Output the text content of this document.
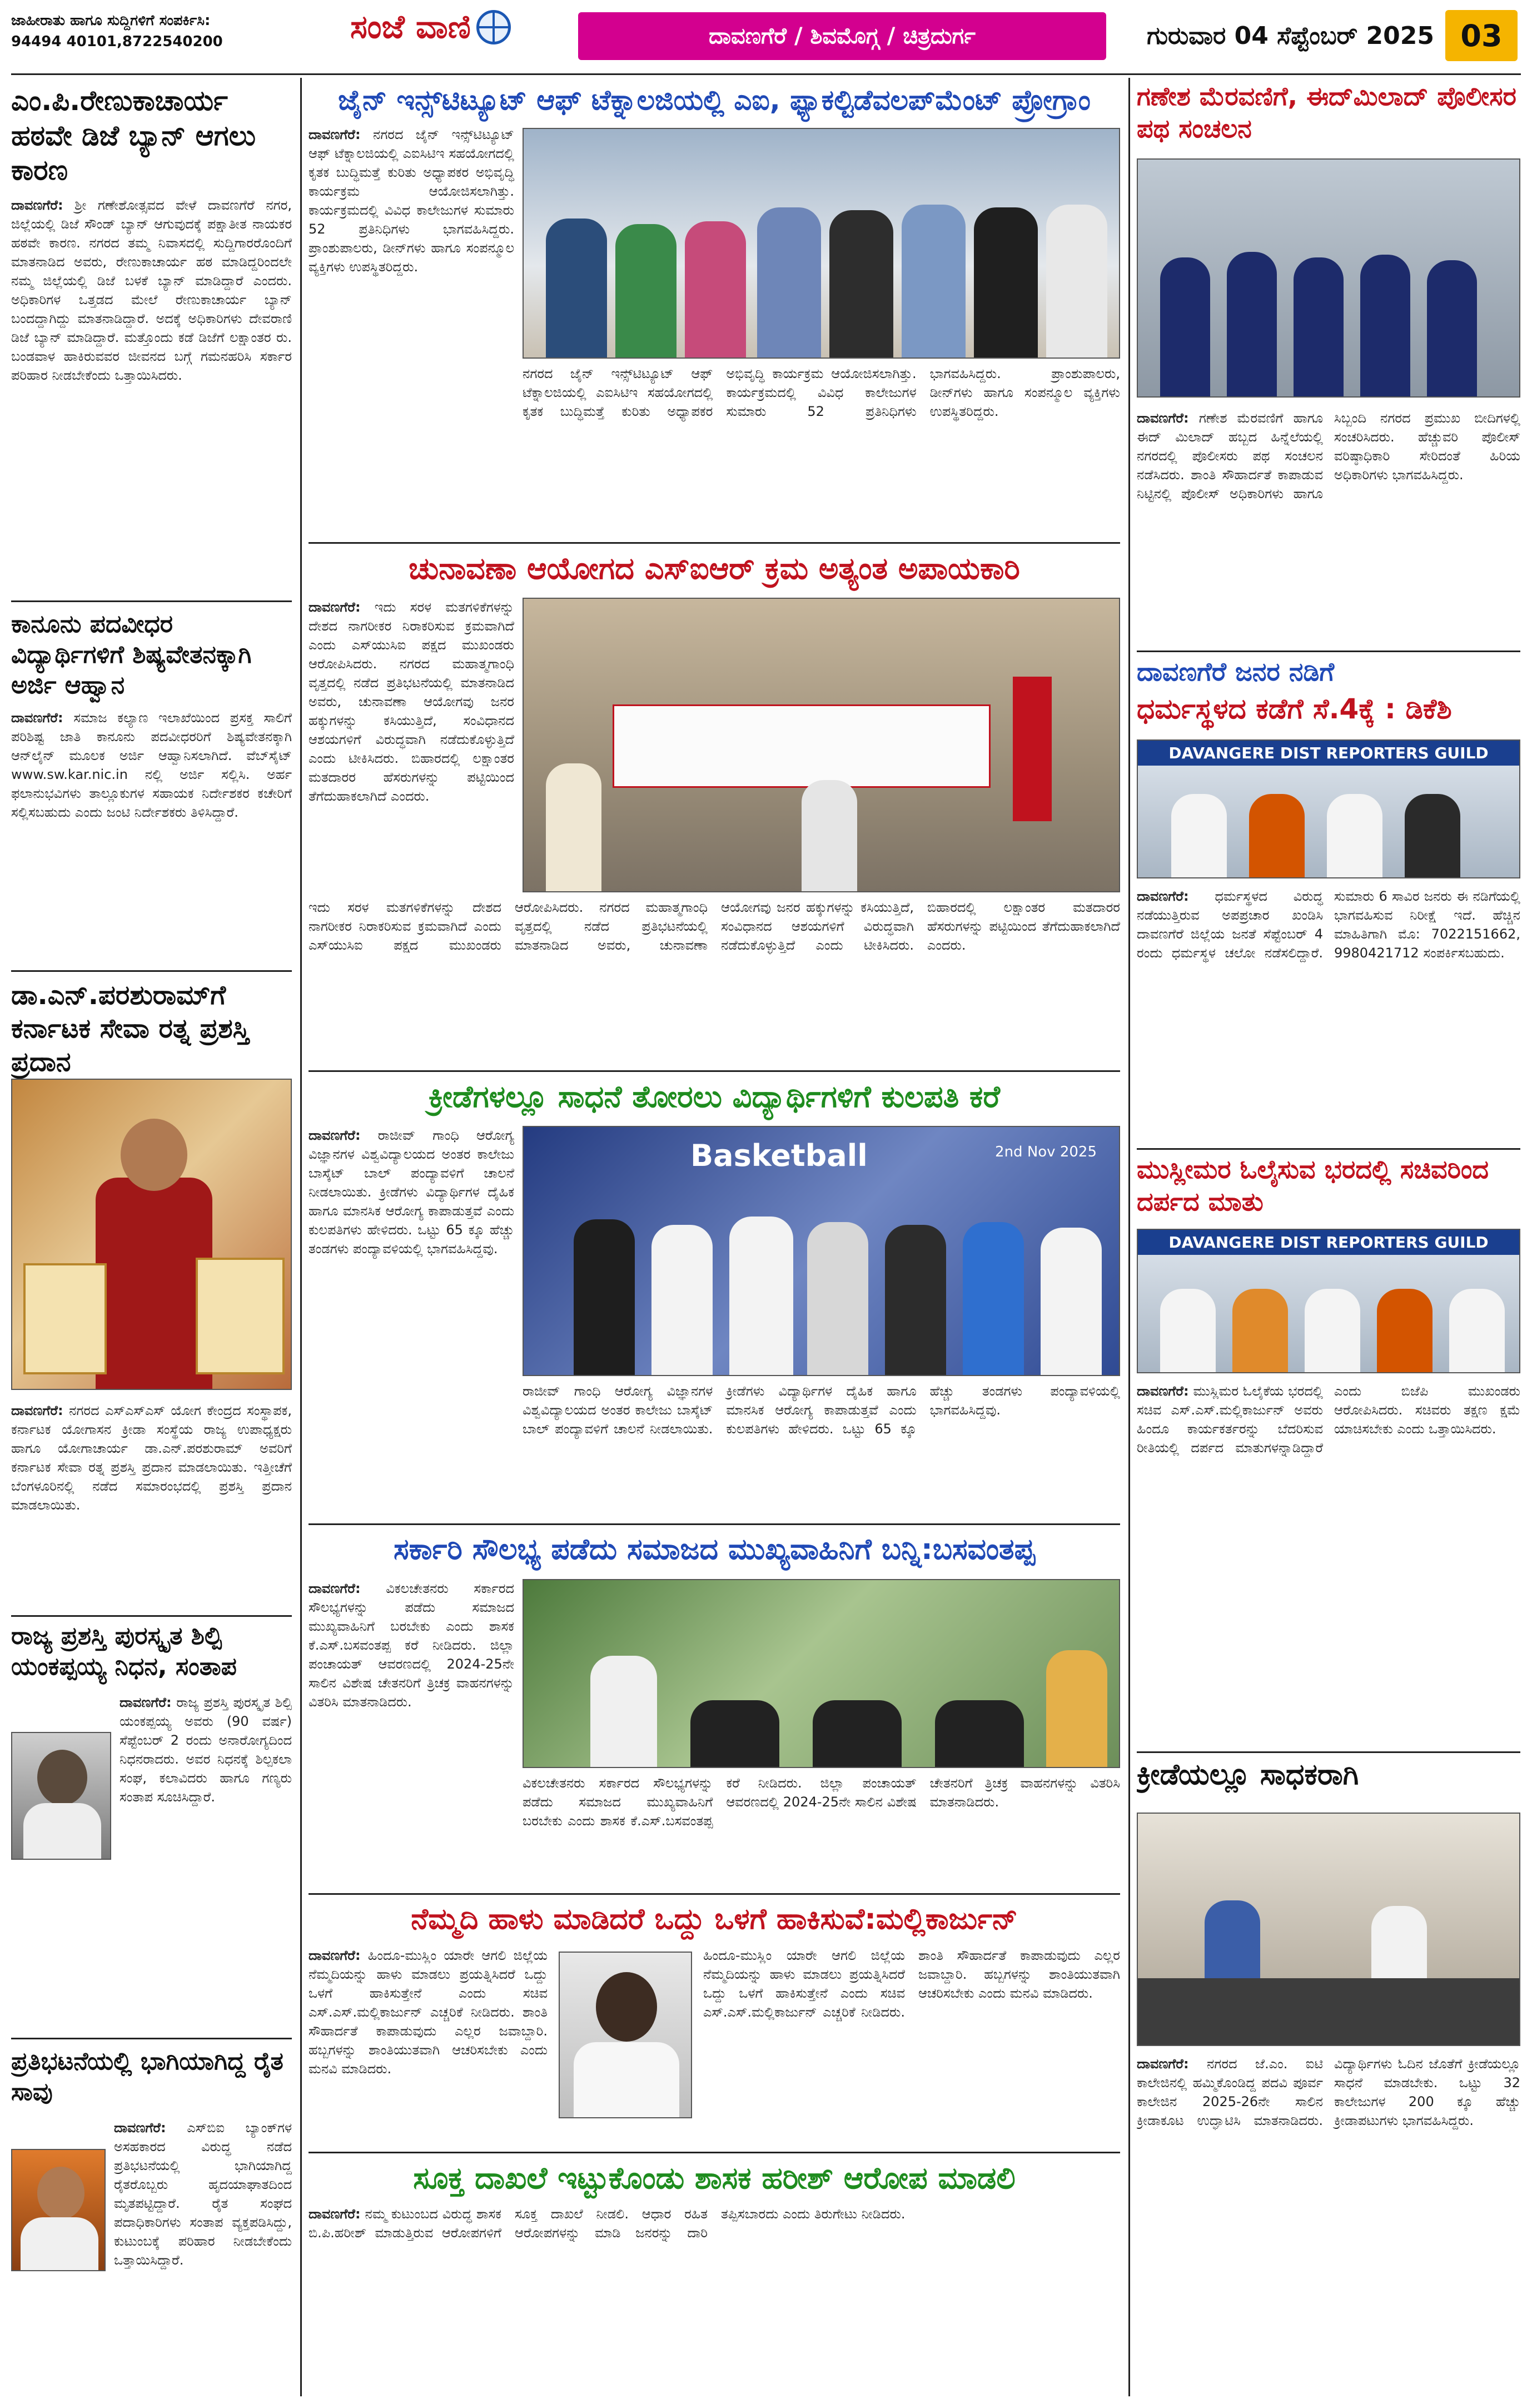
ಜಾಹೀರಾತು ಹಾಗೂ ಸುದ್ದಿಗಳಿಗೆ ಸಂಪರ್ಕಿಸಿ:
94494 40101,8722540200	ಸಂಜೆ ವಾಣಿ	ದಾವಣಗೆರೆ / ಶಿವಮೊಗ್ಗ / ಚಿತ್ರದುರ್ಗ	ಗುರುವಾರ 04 ಸೆಪ್ಟೆಂಬರ್ 2025 03
ಎಂ.ಪಿ.ರೇಣುಕಾಚಾರ್ಯ ಹಠವೇ ಡಿಜೆ ಬ್ಯಾನ್ ಆಗಲು ಕಾರಣ
ದಾವಣಗೆರೆ: ಶ್ರೀ ಗಣೇಶೋತ್ಸವದ ವೇಳೆ ದಾವಣಗೆರೆ ನಗರ, ಜಿಲ್ಲೆಯಲ್ಲಿ ಡಿಜೆ ಸೌಂಡ್ ಬ್ಯಾನ್ ಆಗುವುದಕ್ಕೆ ಪಕ್ಷಾತೀತ ನಾಯಕರ ಹಠವೇ ಕಾರಣ. ನಗರದ ತಮ್ಮ ನಿವಾಸದಲ್ಲಿ ಸುದ್ದಿಗಾರರೊಂದಿಗೆ ಮಾತನಾಡಿದ ಅವರು, ರೇಣುಕಾಚಾರ್ಯ ಹಠ ಮಾಡಿದ್ದರಿಂದಲೇ ನಮ್ಮ ಜಿಲ್ಲೆಯಲ್ಲಿ ಡಿಜೆ ಬಳಕೆ ಬ್ಯಾನ್ ಮಾಡಿದ್ದಾರೆ ಎಂದರು. ಅಧಿಕಾರಿಗಳ ಒತ್ತಡದ ಮೇಲೆ ರೇಣುಕಾಚಾರ್ಯ ಬ್ಯಾನ್ ಬಂದದ್ದಾಗಿದ್ದು ಮಾತನಾಡಿದ್ದಾರೆ. ಅದಕ್ಕೆ ಅಧಿಕಾರಿಗಳು ದೇವರಾಣಿ ಡಿಜೆ ಬ್ಯಾನ್ ಮಾಡಿದ್ದಾರೆ. ಮತ್ತೊಂದು ಕಡೆ ಡಿಜೆಗೆ ಲಕ್ಷಾಂತರ ರು. ಬಂಡವಾಳ ಹಾಕಿರುವವರ ಜೀವನದ ಬಗ್ಗೆ ಗಮನಹರಿಸಿ ಸರ್ಕಾರ ಪರಿಹಾರ ನೀಡಬೇಕೆಂದು ಒತ್ತಾಯಿಸಿದರು.
ಕಾನೂನು ಪದವೀಧರ ವಿದ್ಯಾರ್ಥಿಗಳಿಗೆ ಶಿಷ್ಯವೇತನಕ್ಕಾಗಿ ಅರ್ಜಿ ಆಹ್ವಾನ
ದಾವಣಗೆರೆ: ಸಮಾಜ ಕಲ್ಯಾಣ ಇಲಾಖೆಯಿಂದ ಪ್ರಸಕ್ತ ಸಾಲಿಗೆ ಪರಿಶಿಷ್ಟ ಜಾತಿ ಕಾನೂನು ಪದವೀಧರರಿಗೆ ಶಿಷ್ಯವೇತನಕ್ಕಾಗಿ ಆನ್‌ಲೈನ್ ಮೂಲಕ ಅರ್ಜಿ ಆಹ್ವಾನಿಸಲಾಗಿದೆ. ವೆಬ್‌ಸೈಟ್ www.sw.kar.nic.in ನಲ್ಲಿ ಅರ್ಜಿ ಸಲ್ಲಿಸಿ. ಅರ್ಹ ಫಲಾನುಭವಿಗಳು ತಾಲ್ಲೂಕುಗಳ ಸಹಾಯಕ ನಿರ್ದೇಶಕರ ಕಚೇರಿಗೆ ಸಲ್ಲಿಸಬಹುದು ಎಂದು ಜಂಟಿ ನಿರ್ದೇಶಕರು ತಿಳಿಸಿದ್ದಾರೆ.
ಡಾ.ಎನ್.ಪರಶುರಾಮ್‌ಗೆ ಕರ್ನಾಟಕ ಸೇವಾ ರತ್ನ ಪ್ರಶಸ್ತಿ ಪ್ರದಾನ
ದಾವಣಗೆರೆ: ನಗರದ ಎಸ್‌ಎಸ್‌ಎಸ್ ಯೋಗ ಕೇಂದ್ರದ ಸಂಸ್ಥಾಪಕ, ಕರ್ನಾಟಕ ಯೋಗಾಸನ ಕ್ರೀಡಾ ಸಂಸ್ಥೆಯ ರಾಜ್ಯ ಉಪಾಧ್ಯಕ್ಷರು ಹಾಗೂ ಯೋಗಾಚಾರ್ಯ ಡಾ.ಎನ್.ಪರಶುರಾಮ್ ಅವರಿಗೆ ಕರ್ನಾಟಕ ಸೇವಾ ರತ್ನ ಪ್ರಶಸ್ತಿ ಪ್ರದಾನ ಮಾಡಲಾಯಿತು. ಇತ್ತೀಚೆಗೆ ಬೆಂಗಳೂರಿನಲ್ಲಿ ನಡೆದ ಸಮಾರಂಭದಲ್ಲಿ ಪ್ರಶಸ್ತಿ ಪ್ರದಾನ ಮಾಡಲಾಯಿತು.
ರಾಜ್ಯ ಪ್ರಶಸ್ತಿ ಪುರಸ್ಕೃತ ಶಿಲ್ಪಿ ಯಂಕಪ್ಪಯ್ಯ ನಿಧನ, ಸಂತಾಪ
ದಾವಣಗೆರೆ: ರಾಜ್ಯ ಪ್ರಶಸ್ತಿ ಪುರಸ್ಕೃತ ಶಿಲ್ಪಿ ಯಂಕಪ್ಪಯ್ಯ ಅವರು (90 ವರ್ಷ) ಸೆಪ್ಟೆಂಬರ್ 2 ರಂದು ಅನಾರೋಗ್ಯದಿಂದ ನಿಧನರಾದರು. ಅವರ ನಿಧನಕ್ಕೆ ಶಿಲ್ಪಕಲಾ ಸಂಘ, ಕಲಾವಿದರು ಹಾಗೂ ಗಣ್ಯರು ಸಂತಾಪ ಸೂಚಿಸಿದ್ದಾರೆ.
ಪ್ರತಿಭಟನೆಯಲ್ಲಿ ಭಾಗಿಯಾಗಿದ್ದ ರೈತ ಸಾವು
ದಾವಣಗೆರೆ: ಎಸ್‌ಬಿಐ ಬ್ಯಾಂಕ್‌ಗಳ ಅಸಹಕಾರದ ವಿರುದ್ಧ ನಡೆದ ಪ್ರತಿಭಟನೆಯಲ್ಲಿ ಭಾಗಿಯಾಗಿದ್ದ ರೈತರೊಬ್ಬರು ಹೃದಯಾಘಾತದಿಂದ ಮೃತಪಟ್ಟಿದ್ದಾರೆ. ರೈತ ಸಂಘದ ಪದಾಧಿಕಾರಿಗಳು ಸಂತಾಪ ವ್ಯಕ್ತಪಡಿಸಿದ್ದು, ಕುಟುಂಬಕ್ಕೆ ಪರಿಹಾರ ನೀಡಬೇಕೆಂದು ಒತ್ತಾಯಿಸಿದ್ದಾರೆ.
ಜೈನ್ ಇನ್ಸ್‌ಟಿಟ್ಯೂಟ್ ಆಫ್ ಟೆಕ್ನಾಲಜಿಯಲ್ಲಿ ಎಐ, ಫ್ಯಾಕಲ್ಟಿಡೆವಲಪ್‌ಮೆಂಟ್ ಪ್ರೋಗ್ರಾಂ
ದಾವಣಗೆರೆ: ನಗರದ ಜೈನ್ ಇನ್ಸ್‌ಟಿಟ್ಯೂಟ್ ಆಫ್ ಟೆಕ್ನಾಲಜಿಯಲ್ಲಿ ಎಐಸಿಟಿಇ ಸಹಯೋಗದಲ್ಲಿ ಕೃತಕ ಬುದ್ಧಿಮತ್ತೆ ಕುರಿತು ಅಧ್ಯಾಪಕರ ಅಭಿವೃದ್ಧಿ ಕಾರ್ಯಕ್ರಮ ಆಯೋಜಿಸಲಾಗಿತ್ತು. ಕಾರ್ಯಕ್ರಮದಲ್ಲಿ ವಿವಿಧ ಕಾಲೇಜುಗಳ ಸುಮಾರು 52 ಪ್ರತಿನಿಧಿಗಳು ಭಾಗವಹಿಸಿದ್ದರು. ಪ್ರಾಂಶುಪಾಲರು, ಡೀನ್‌ಗಳು ಹಾಗೂ ಸಂಪನ್ಮೂಲ ವ್ಯಕ್ತಿಗಳು ಉಪಸ್ಥಿತರಿದ್ದರು.
ನಗರದ ಜೈನ್ ಇನ್ಸ್‌ಟಿಟ್ಯೂಟ್ ಆಫ್ ಟೆಕ್ನಾಲಜಿಯಲ್ಲಿ ಎಐಸಿಟಿಇ ಸಹಯೋಗದಲ್ಲಿ ಕೃತಕ ಬುದ್ಧಿಮತ್ತೆ ಕುರಿತು ಅಧ್ಯಾಪಕರ ಅಭಿವೃದ್ಧಿ ಕಾರ್ಯಕ್ರಮ ಆಯೋಜಿಸಲಾಗಿತ್ತು. ಕಾರ್ಯಕ್ರಮದಲ್ಲಿ ವಿವಿಧ ಕಾಲೇಜುಗಳ ಸುಮಾರು 52 ಪ್ರತಿನಿಧಿಗಳು ಭಾಗವಹಿಸಿದ್ದರು. ಪ್ರಾಂಶುಪಾಲರು, ಡೀನ್‌ಗಳು ಹಾಗೂ ಸಂಪನ್ಮೂಲ ವ್ಯಕ್ತಿಗಳು ಉಪಸ್ಥಿತರಿದ್ದರು.
ಚುನಾವಣಾ ಆಯೋಗದ ಎಸ್‌ಐಆರ್ ಕ್ರಮ ಅತ್ಯಂತ ಅಪಾಯಕಾರಿ
ದಾವಣಗೆರೆ: ಇದು ಸರಳ ಮತಗಳಿಕೆಗಳನ್ನು ದೇಶದ ನಾಗರೀಕರ ನಿರಾಕರಿಸುವ ಕ್ರಮವಾಗಿದೆ ಎಂದು ಎಸ್‌ಯುಸಿಐ ಪಕ್ಷದ ಮುಖಂಡರು ಆರೋಪಿಸಿದರು. ನಗರದ ಮಹಾತ್ಮಗಾಂಧಿ ವೃತ್ತದಲ್ಲಿ ನಡೆದ ಪ್ರತಿಭಟನೆಯಲ್ಲಿ ಮಾತನಾಡಿದ ಅವರು, ಚುನಾವಣಾ ಆಯೋಗವು ಜನರ ಹಕ್ಕುಗಳನ್ನು ಕಸಿಯುತ್ತಿದೆ, ಸಂವಿಧಾನದ ಆಶಯಗಳಿಗೆ ವಿರುದ್ಧವಾಗಿ ನಡೆದುಕೊಳ್ಳುತ್ತಿದೆ ಎಂದು ಟೀಕಿಸಿದರು. ಬಿಹಾರದಲ್ಲಿ ಲಕ್ಷಾಂತರ ಮತದಾರರ ಹೆಸರುಗಳನ್ನು ಪಟ್ಟಿಯಿಂದ ತೆಗೆದುಹಾಕಲಾಗಿದೆ ಎಂದರು.
ಇದು ಸರಳ ಮತಗಳಿಕೆಗಳನ್ನು ದೇಶದ ನಾಗರೀಕರ ನಿರಾಕರಿಸುವ ಕ್ರಮವಾಗಿದೆ ಎಂದು ಎಸ್‌ಯುಸಿಐ ಪಕ್ಷದ ಮುಖಂಡರು ಆರೋಪಿಸಿದರು. ನಗರದ ಮಹಾತ್ಮಗಾಂಧಿ ವೃತ್ತದಲ್ಲಿ ನಡೆದ ಪ್ರತಿಭಟನೆಯಲ್ಲಿ ಮಾತನಾಡಿದ ಅವರು, ಚುನಾವಣಾ ಆಯೋಗವು ಜನರ ಹಕ್ಕುಗಳನ್ನು ಕಸಿಯುತ್ತಿದೆ, ಸಂವಿಧಾನದ ಆಶಯಗಳಿಗೆ ವಿರುದ್ಧವಾಗಿ ನಡೆದುಕೊಳ್ಳುತ್ತಿದೆ ಎಂದು ಟೀಕಿಸಿದರು. ಬಿಹಾರದಲ್ಲಿ ಲಕ್ಷಾಂತರ ಮತದಾರರ ಹೆಸರುಗಳನ್ನು ಪಟ್ಟಿಯಿಂದ ತೆಗೆದುಹಾಕಲಾಗಿದೆ ಎಂದರು.
ಕ್ರೀಡೆಗಳಲ್ಲೂ ಸಾಧನೆ ತೋರಲು ವಿದ್ಯಾರ್ಥಿಗಳಿಗೆ ಕುಲಪತಿ ಕರೆ
ದಾವಣಗೆರೆ: ರಾಜೀವ್ ಗಾಂಧಿ ಆರೋಗ್ಯ ವಿಜ್ಞಾನಗಳ ವಿಶ್ವವಿದ್ಯಾಲಯದ ಅಂತರ ಕಾಲೇಜು ಬಾಸ್ಕೆಟ್ ಬಾಲ್ ಪಂದ್ಯಾವಳಿಗೆ ಚಾಲನೆ ನೀಡಲಾಯಿತು. ಕ್ರೀಡೆಗಳು ವಿದ್ಯಾರ್ಥಿಗಳ ದೈಹಿಕ ಹಾಗೂ ಮಾನಸಿಕ ಆರೋಗ್ಯ ಕಾಪಾಡುತ್ತವೆ ಎಂದು ಕುಲಪತಿಗಳು ಹೇಳಿದರು. ಒಟ್ಟು 65 ಕ್ಕೂ ಹೆಚ್ಚು ತಂಡಗಳು ಪಂದ್ಯಾವಳಿಯಲ್ಲಿ ಭಾಗವಹಿಸಿದ್ದವು.
Basketball	2nd Nov 2025
ರಾಜೀವ್ ಗಾಂಧಿ ಆರೋಗ್ಯ ವಿಜ್ಞಾನಗಳ ವಿಶ್ವವಿದ್ಯಾಲಯದ ಅಂತರ ಕಾಲೇಜು ಬಾಸ್ಕೆಟ್ ಬಾಲ್ ಪಂದ್ಯಾವಳಿಗೆ ಚಾಲನೆ ನೀಡಲಾಯಿತು. ಕ್ರೀಡೆಗಳು ವಿದ್ಯಾರ್ಥಿಗಳ ದೈಹಿಕ ಹಾಗೂ ಮಾನಸಿಕ ಆರೋಗ್ಯ ಕಾಪಾಡುತ್ತವೆ ಎಂದು ಕುಲಪತಿಗಳು ಹೇಳಿದರು. ಒಟ್ಟು 65 ಕ್ಕೂ ಹೆಚ್ಚು ತಂಡಗಳು ಪಂದ್ಯಾವಳಿಯಲ್ಲಿ ಭಾಗವಹಿಸಿದ್ದವು.
ಸರ್ಕಾರಿ ಸೌಲಭ್ಯ ಪಡೆದು ಸಮಾಜದ ಮುಖ್ಯವಾಹಿನಿಗೆ ಬನ್ನಿ:ಬಸವಂತಪ್ಪ
ದಾವಣಗೆರೆ: ವಿಕಲಚೇತನರು ಸರ್ಕಾರದ ಸೌಲಭ್ಯಗಳನ್ನು ಪಡೆದು ಸಮಾಜದ ಮುಖ್ಯವಾಹಿನಿಗೆ ಬರಬೇಕು ಎಂದು ಶಾಸಕ ಕೆ.ಎಸ್.ಬಸವಂತಪ್ಪ ಕರೆ ನೀಡಿದರು. ಜಿಲ್ಲಾ ಪಂಚಾಯತ್ ಆವರಣದಲ್ಲಿ 2024-25ನೇ ಸಾಲಿನ ವಿಶೇಷ ಚೇತನರಿಗೆ ತ್ರಿಚಕ್ರ ವಾಹನಗಳನ್ನು ವಿತರಿಸಿ ಮಾತನಾಡಿದರು.
ವಿಕಲಚೇತನರು ಸರ್ಕಾರದ ಸೌಲಭ್ಯಗಳನ್ನು ಪಡೆದು ಸಮಾಜದ ಮುಖ್ಯವಾಹಿನಿಗೆ ಬರಬೇಕು ಎಂದು ಶಾಸಕ ಕೆ.ಎಸ್.ಬಸವಂತಪ್ಪ ಕರೆ ನೀಡಿದರು. ಜಿಲ್ಲಾ ಪಂಚಾಯತ್ ಆವರಣದಲ್ಲಿ 2024-25ನೇ ಸಾಲಿನ ವಿಶೇಷ ಚೇತನರಿಗೆ ತ್ರಿಚಕ್ರ ವಾಹನಗಳನ್ನು ವಿತರಿಸಿ ಮಾತನಾಡಿದರು.
ನೆಮ್ಮದಿ ಹಾಳು ಮಾಡಿದರೆ ಒದ್ದು ಒಳಗೆ ಹಾಕಿಸುವೆ:ಮಲ್ಲಿಕಾರ್ಜುನ್
ದಾವಣಗೆರೆ: ಹಿಂದೂ-ಮುಸ್ಲಿಂ ಯಾರೇ ಆಗಲಿ ಜಿಲ್ಲೆಯ ನೆಮ್ಮದಿಯನ್ನು ಹಾಳು ಮಾಡಲು ಪ್ರಯತ್ನಿಸಿದರೆ ಒದ್ದು ಒಳಗೆ ಹಾಕಿಸುತ್ತೇನೆ ಎಂದು ಸಚಿವ ಎಸ್.ಎಸ್.ಮಲ್ಲಿಕಾರ್ಜುನ್ ಎಚ್ಚರಿಕೆ ನೀಡಿದರು. ಶಾಂತಿ ಸೌಹಾರ್ದತೆ ಕಾಪಾಡುವುದು ಎಲ್ಲರ ಜವಾಬ್ದಾರಿ. ಹಬ್ಬಗಳನ್ನು ಶಾಂತಿಯುತವಾಗಿ ಆಚರಿಸಬೇಕು ಎಂದು ಮನವಿ ಮಾಡಿದರು.
ಹಿಂದೂ-ಮುಸ್ಲಿಂ ಯಾರೇ ಆಗಲಿ ಜಿಲ್ಲೆಯ ನೆಮ್ಮದಿಯನ್ನು ಹಾಳು ಮಾಡಲು ಪ್ರಯತ್ನಿಸಿದರೆ ಒದ್ದು ಒಳಗೆ ಹಾಕಿಸುತ್ತೇನೆ ಎಂದು ಸಚಿವ ಎಸ್.ಎಸ್.ಮಲ್ಲಿಕಾರ್ಜುನ್ ಎಚ್ಚರಿಕೆ ನೀಡಿದರು. ಶಾಂತಿ ಸೌಹಾರ್ದತೆ ಕಾಪಾಡುವುದು ಎಲ್ಲರ ಜವಾಬ್ದಾರಿ. ಹಬ್ಬಗಳನ್ನು ಶಾಂತಿಯುತವಾಗಿ ಆಚರಿಸಬೇಕು ಎಂದು ಮನವಿ ಮಾಡಿದರು.
ಸೂಕ್ತ ದಾಖಲೆ ಇಟ್ಟುಕೊಂಡು ಶಾಸಕ ಹರೀಶ್ ಆರೋಪ ಮಾಡಲಿ
ದಾವಣಗೆರೆ: ನಮ್ಮ ಕುಟುಂಬದ ವಿರುದ್ಧ ಶಾಸಕ ಬಿ.ಪಿ.ಹರೀಶ್ ಮಾಡುತ್ತಿರುವ ಆರೋಪಗಳಿಗೆ ಸೂಕ್ತ ದಾಖಲೆ ನೀಡಲಿ. ಆಧಾರ ರಹಿತ ಆರೋಪಗಳನ್ನು ಮಾಡಿ ಜನರನ್ನು ದಾರಿ ತಪ್ಪಿಸಬಾರದು ಎಂದು ತಿರುಗೇಟು ನೀಡಿದರು.
ಗಣೇಶ ಮೆರವಣಿಗೆ, ಈದ್‌ಮಿಲಾದ್ ಪೊಲೀಸರ ಪಥ ಸಂಚಲನ
ದಾವಣಗೆರೆ: ಗಣೇಶ ಮೆರವಣಿಗೆ ಹಾಗೂ ಈದ್ ಮಿಲಾದ್ ಹಬ್ಬದ ಹಿನ್ನೆಲೆಯಲ್ಲಿ ನಗರದಲ್ಲಿ ಪೊಲೀಸರು ಪಥ ಸಂಚಲನ ನಡೆಸಿದರು. ಶಾಂತಿ ಸೌಹಾರ್ದತೆ ಕಾಪಾಡುವ ನಿಟ್ಟಿನಲ್ಲಿ ಪೊಲೀಸ್ ಅಧಿಕಾರಿಗಳು ಹಾಗೂ ಸಿಬ್ಬಂದಿ ನಗರದ ಪ್ರಮುಖ ಬೀದಿಗಳಲ್ಲಿ ಸಂಚರಿಸಿದರು. ಹೆಚ್ಚುವರಿ ಪೊಲೀಸ್ ವರಿಷ್ಠಾಧಿಕಾರಿ ಸೇರಿದಂತೆ ಹಿರಿಯ ಅಧಿಕಾರಿಗಳು ಭಾಗವಹಿಸಿದ್ದರು.
ದಾವಣಗೆರೆ ಜನರ ನಡಿಗೆ
ಧರ್ಮಸ್ಥಳದ ಕಡೆಗೆ ಸೆ.4ಕ್ಕೆ : ಡಿಕೆಶಿ
DAVANGERE DIST REPORTERS GUILD
ದಾವಣಗೆರೆ: ಧರ್ಮಸ್ಥಳದ ವಿರುದ್ಧ ನಡೆಯುತ್ತಿರುವ ಅಪಪ್ರಚಾರ ಖಂಡಿಸಿ ದಾವಣಗೆರೆ ಜಿಲ್ಲೆಯ ಜನತೆ ಸೆಪ್ಟೆಂಬರ್ 4 ರಂದು ಧರ್ಮಸ್ಥಳ ಚಲೋ ನಡೆಸಲಿದ್ದಾರೆ. ಸುಮಾರು 6 ಸಾವಿರ ಜನರು ಈ ನಡಿಗೆಯಲ್ಲಿ ಭಾಗವಹಿಸುವ ನಿರೀಕ್ಷೆ ಇದೆ. ಹೆಚ್ಚಿನ ಮಾಹಿತಿಗಾಗಿ ಮೊ: 7022151662, 9980421712 ಸಂಪರ್ಕಿಸಬಹುದು.
ಮುಸ್ಲೀಮರ ಓಲೈಸುವ ಭರದಲ್ಲಿ ಸಚಿವರಿಂದ ದರ್ಪದ ಮಾತು
DAVANGERE DIST REPORTERS GUILD
ದಾವಣಗೆರೆ: ಮುಸ್ಲಿಮರ ಓಲೈಕೆಯ ಭರದಲ್ಲಿ ಸಚಿವ ಎಸ್.ಎಸ್.ಮಲ್ಲಿಕಾರ್ಜುನ್ ಅವರು ಹಿಂದೂ ಕಾರ್ಯಕರ್ತರನ್ನು ಬೆದರಿಸುವ ರೀತಿಯಲ್ಲಿ ದರ್ಪದ ಮಾತುಗಳನ್ನಾಡಿದ್ದಾರೆ ಎಂದು ಬಿಜೆಪಿ ಮುಖಂಡರು ಆರೋಪಿಸಿದರು. ಸಚಿವರು ತಕ್ಷಣ ಕ್ಷಮೆ ಯಾಚಿಸಬೇಕು ಎಂದು ಒತ್ತಾಯಿಸಿದರು.
ಕ್ರೀಡೆಯಲ್ಲೂ ಸಾಧಕರಾಗಿ
ದಾವಣಗೆರೆ: ನಗರದ ಜೆ.ಎಂ. ಐಟಿ ಕಾಲೇಜಿನಲ್ಲಿ ಹಮ್ಮಿಕೊಂಡಿದ್ದ ಪದವಿ ಪೂರ್ವ ಕಾಲೇಜಿನ 2025-26ನೇ ಸಾಲಿನ ಕ್ರೀಡಾಕೂಟ ಉದ್ಘಾಟಿಸಿ ಮಾತನಾಡಿದರು. ವಿದ್ಯಾರ್ಥಿಗಳು ಓದಿನ ಜೊತೆಗೆ ಕ್ರೀಡೆಯಲ್ಲೂ ಸಾಧನೆ ಮಾಡಬೇಕು. ಒಟ್ಟು 32 ಕಾಲೇಜುಗಳ 200 ಕ್ಕೂ ಹೆಚ್ಚು ಕ್ರೀಡಾಪಟುಗಳು ಭಾಗವಹಿಸಿದ್ದರು.
